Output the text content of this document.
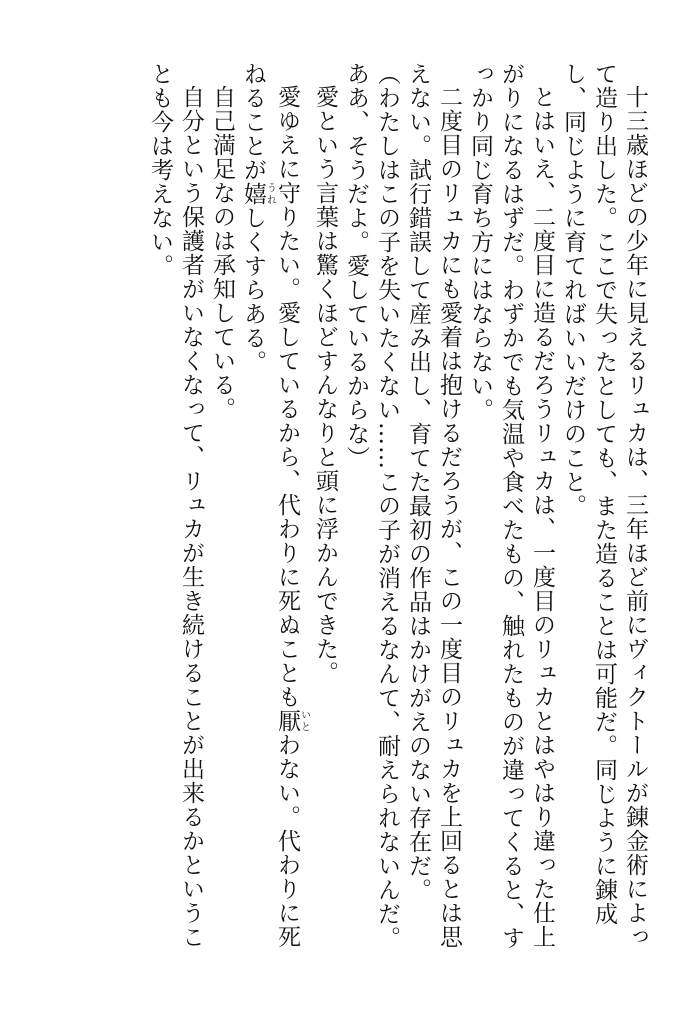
十三歳ほどの少年に見えるリュカは、三年ほど前にヴィクトールが錬金術によって造り出した。ここで失ったとしても、また造ることは可能だ。同じように錬成し、同じように育てればいいだけのこと。

とはいえ、二度目に造るだろうリュカは、一度目のリュカとはやはり違った仕上がりになるはずだ。わずかでも気温や食べたもの、触れたものが違ってくると、すっかり同じ育ち方にはならない。

二度目のリュカにも愛着は抱けるだろうが、この一度目のリュカを上回るとは思えない。試行錯誤して産み出し、育てた最初の作品はかけがえのない存在だ。

（わたしはこの子を失いたくない……この子が消えるなんて、耐えられないんだ。ああ、そうだよ。愛しているからな）

愛という言葉は驚くほどすんなりと頭に浮かんできた。

愛ゆえに守りたい。愛しているから、代わりに死ぬことも厭いとわない。代わりに死ねることが嬉うれしくすらある。

自己満足なのは承知している。

自分という保護者がいなくなって、リュカが生き続けることが出来るかということも今は考えない。
